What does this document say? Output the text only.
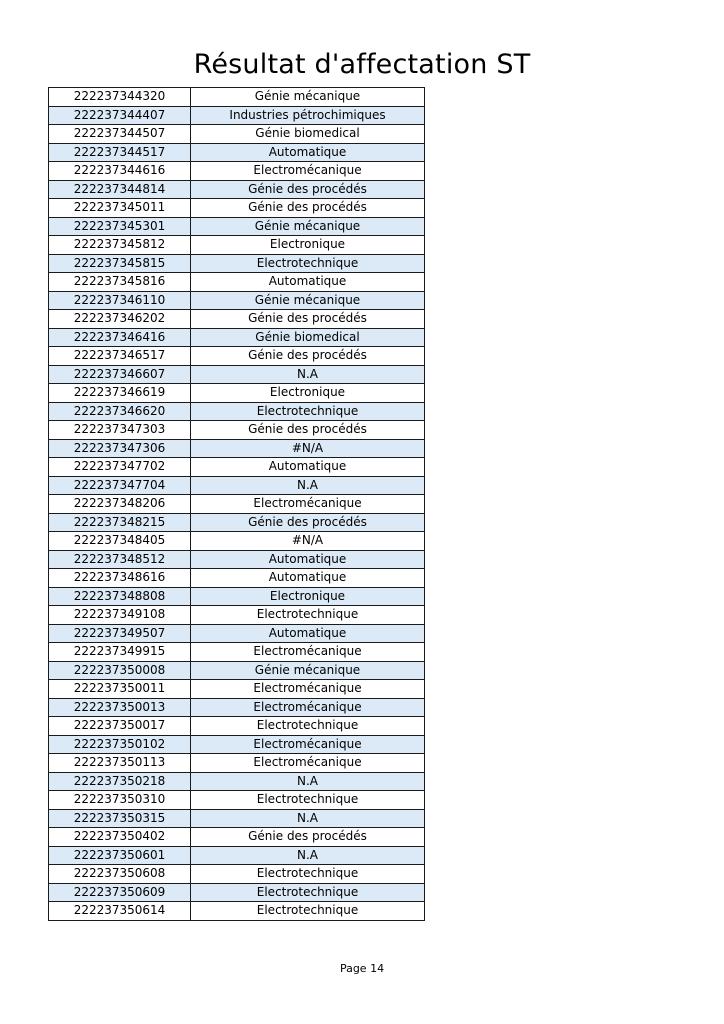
Résultat d'affectation ST
222237344320	Génie mécanique
222237344407	Industries pétrochimiques
222237344507	Génie biomedical
222237344517	Automatique
222237344616	Electromécanique
222237344814	Génie des procédés
222237345011	Génie des procédés
222237345301	Génie mécanique
222237345812	Electronique
222237345815	Electrotechnique
222237345816	Automatique
222237346110	Génie mécanique
222237346202	Génie des procédés
222237346416	Génie biomedical
222237346517	Génie des procédés
222237346607	N.A
222237346619	Electronique
222237346620	Electrotechnique
222237347303	Génie des procédés
222237347306	#N/A
222237347702	Automatique
222237347704	N.A
222237348206	Electromécanique
222237348215	Génie des procédés
222237348405	#N/A
222237348512	Automatique
222237348616	Automatique
222237348808	Electronique
222237349108	Electrotechnique
222237349507	Automatique
222237349915	Electromécanique
222237350008	Génie mécanique
222237350011	Electromécanique
222237350013	Electromécanique
222237350017	Electrotechnique
222237350102	Electromécanique
222237350113	Electromécanique
222237350218	N.A
222237350310	Electrotechnique
222237350315	N.A
222237350402	Génie des procédés
222237350601	N.A
222237350608	Electrotechnique
222237350609	Electrotechnique
222237350614	Electrotechnique
Page 14
